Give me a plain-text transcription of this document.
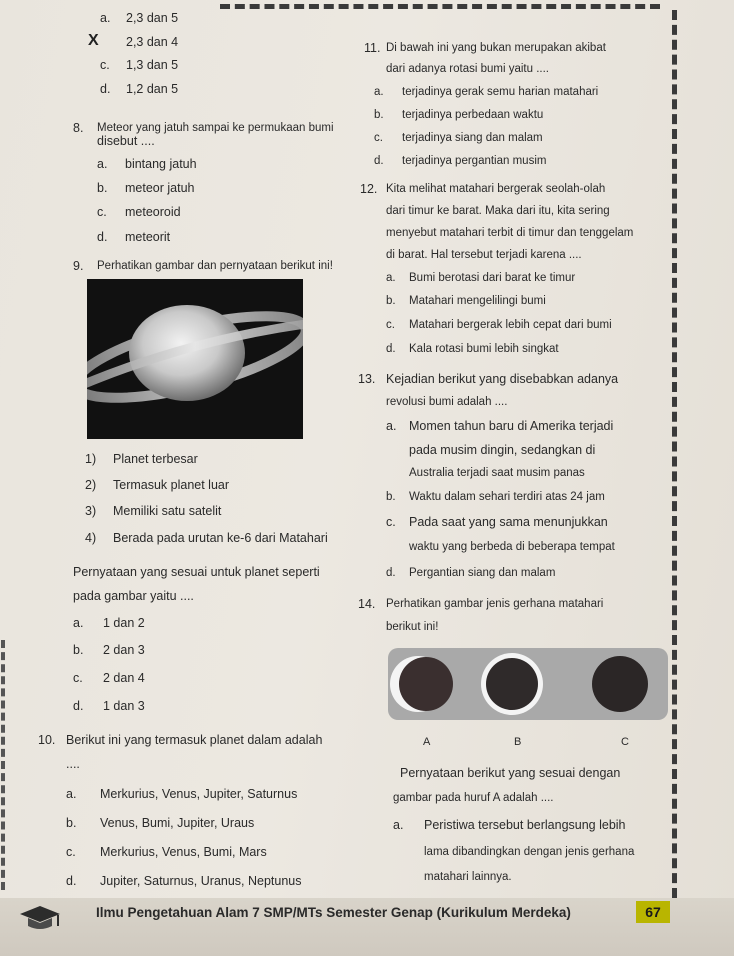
a. 2,3 dan 5
X 2,3 dan 4
c. 1,3 dan 5
d. 1,2 dan 5
8. Meteor yang jatuh sampai ke permukaan bumi
disebut ....
a. bintang jatuh
b. meteor jatuh
c. meteoroid
d. meteorit
9. Perhatikan gambar dan pernyataan berikut ini!
1) Planet terbesar
2) Termasuk planet luar
3) Memiliki satu satelit
4) Berada pada urutan ke-6 dari Matahari
Pernyataan yang sesuai untuk planet seperti
pada gambar yaitu ....
a. 1 dan 2
b. 2 dan 3
c. 2 dan 4
d. 1 dan 3
10. Berikut ini yang termasuk planet dalam adalah
....
a. Merkurius, Venus, Jupiter, Saturnus
b. Venus, Bumi, Jupiter, Uraus
c. Merkurius, Venus, Bumi, Mars
d. Jupiter, Saturnus, Uranus, Neptunus
11. Di bawah ini yang bukan merupakan akibat
dari adanya rotasi bumi yaitu ....
a. terjadinya gerak semu harian matahari
b. terjadinya perbedaan waktu
c. terjadinya siang dan malam
d. terjadinya pergantian musim
12. Kita melihat matahari bergerak seolah-olah
dari timur ke barat. Maka dari itu, kita sering
menyebut matahari terbit di timur dan tenggelam
di barat. Hal tersebut terjadi karena ....
a. Bumi berotasi dari barat ke timur
b. Matahari mengelilingi bumi
c. Matahari bergerak lebih cepat dari bumi
d. Kala rotasi bumi lebih singkat
13. Kejadian berikut yang disebabkan adanya
revolusi bumi adalah ....
a. Momen tahun baru di Amerika terjadi
pada musim dingin, sedangkan di
Australia terjadi saat musim panas
b. Waktu dalam sehari terdiri atas 24 jam
c. Pada saat yang sama menunjukkan
waktu yang berbeda di beberapa tempat
d. Pergantian siang dan malam
14. Perhatikan gambar jenis gerhana matahari
berikut ini!
A	B	C
Pernyataan berikut yang sesuai dengan
gambar pada huruf A adalah ....
a. Peristiwa tersebut berlangsung lebih
lama dibandingkan dengan jenis gerhana
matahari lainnya.
Ilmu Pengetahuan Alam 7 SMP/MTs Semester Genap (Kurikulum Merdeka)	67
